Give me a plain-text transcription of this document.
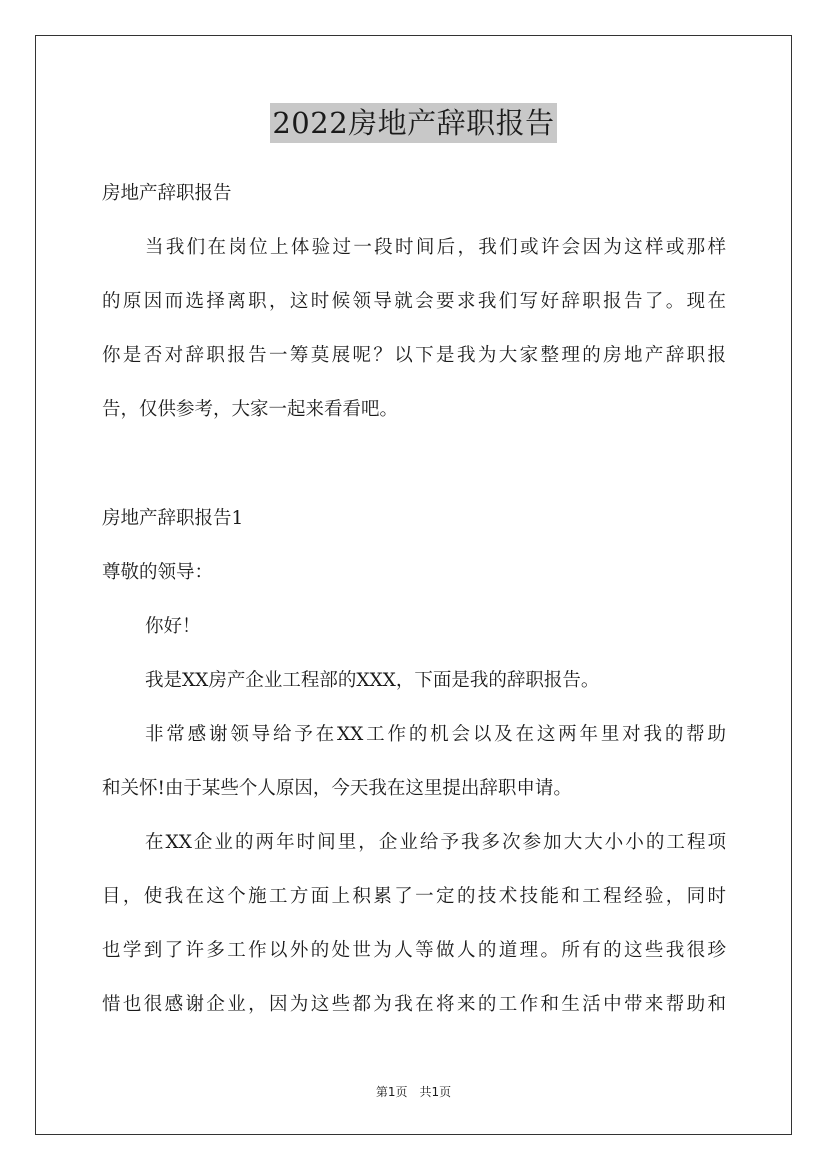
2022房地产辞职报告
房地产辞职报告
当我们在岗位上体验过一段时间后，我们或许会因为这样或那样
的原因而选择离职，这时候领导就会要求我们写好辞职报告了。现在
你是否对辞职报告一筹莫展呢？以下是我为大家整理的房地产辞职报
告，仅供参考，大家一起来看看吧。
房地产辞职报告1
尊敬的领导：
你好！
我是XX房产企业工程部的XXX，下面是我的辞职报告。
非常感谢领导给予在XX工作的机会以及在这两年里对我的帮助
和关怀!由于某些个人原因，今天我在这里提出辞职申请。
在XX企业的两年时间里，企业给予我多次参加大大小小的工程项
目，使我在这个施工方面上积累了一定的技术技能和工程经验，同时
也学到了许多工作以外的处世为人等做人的道理。所有的这些我很珍
惜也很感谢企业，因为这些都为我在将来的工作和生活中带来帮助和
第1页　共1页
